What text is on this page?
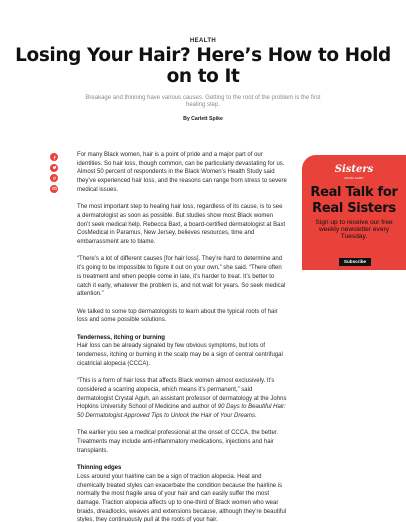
HEALTH
Losing Your Hair? Here’s How to Hold on to It
Breakage and thinning have various causes. Getting to the root of the problem is the first healing step.
By Carlett Spike

For many Black women, hair is a point of pride and a major part of our identities. So hair loss, though common, can be particularly devastating for us. Almost 50 percent of respondents in the Black Women’s Health Study said they’ve experienced hair loss, and the reasons can range from stress to severe medical issues.

The most important step to healing hair loss, regardless of its cause, is to see a dermatologist as soon as possible. But studies show most Black women don’t seek medical help. Rebecca Baxt, a board-certified dermatologist at Baxt CosMedical in Paramus, New Jersey, believes resources, time and embarrassment are to blame.

“There’s a lot of different causes [for hair loss]. They’re hard to determine and it’s going to be impossible to figure it out on your own,” she said. “There often is treatment and when people come in late, it’s harder to treat. It’s better to catch it early, whatever the problem is, and not wait for years. So seek medical attention.”

We talked to some top dermatologists to learn about the typical roots of hair loss and some possible solutions.

Tenderness, itching or burning

Hair loss can be already signaled by few obvious symptoms, but lots of tenderness, itching or burning in the scalp may be a sign of central centrifugal cicatricial alopecia (CCCA).

“This is a form of hair loss that affects Black women almost exclusively. It’s considered a scarring alopecia, which means it’s permanent,” said dermatologist Crystal Aguh, an assistant professor of dermatology at the Johns Hopkins University School of Medicine and author of 90 Days to Beautiful Hair: 50 Dermatologist Approved Tips to Unlock the Hair of Your Dreams.

The earlier you see a medical professional at the onset of CCCA, the better. Treatments may include anti-inflammatory medications, injections and hair transplants.

Thinning edges

Loss around your hairline can be a sign of traction alopecia. Heat and chemically treated styles can exacerbate the condition because the hairline is normally the most fragile area of your hair and can easily suffer the most damage. Traction alopecia affects up to one-third of Black women who wear braids, dreadlocks, weaves and extensions because, although they’re beautiful styles, they continuously pull at the roots of your hair.

Sisters
FROM AARP
Real Talk for Real Sisters
Sign up to receive our free weekly newsletter every Tuesday.
Subscribe
